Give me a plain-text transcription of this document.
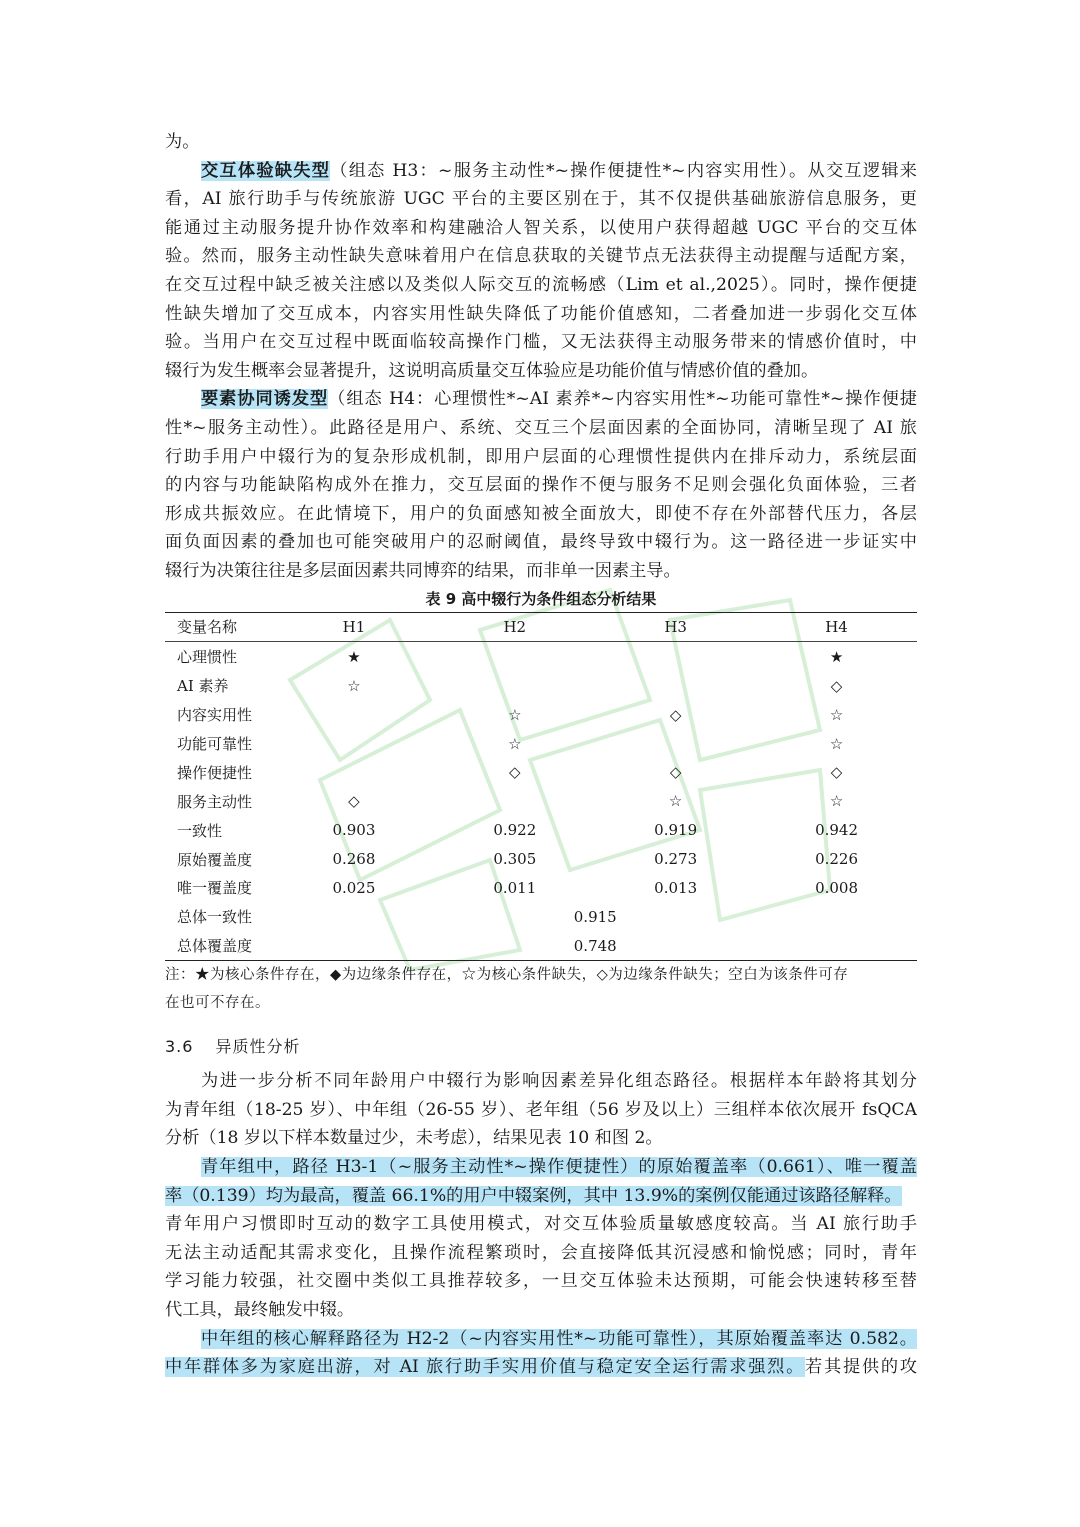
为。
交互体验缺失型（组态 H3：~服务主动性*~操作便捷性*~内容实用性）。从交互逻辑来
看，AI 旅行助手与传统旅游 UGC 平台的主要区别在于，其不仅提供基础旅游信息服务，更
能通过主动服务提升协作效率和构建融洽人智关系，以使用户获得超越 UGC 平台的交互体
验。然而，服务主动性缺失意味着用户在信息获取的关键节点无法获得主动提醒与适配方案，
在交互过程中缺乏被关注感以及类似人际交互的流畅感（Lim et al.,2025）。同时，操作便捷
性缺失增加了交互成本，内容实用性缺失降低了功能价值感知，二者叠加进一步弱化交互体
验。当用户在交互过程中既面临较高操作门槛，又无法获得主动服务带来的情感价值时，中
辍行为发生概率会显著提升，这说明高质量交互体验应是功能价值与情感价值的叠加。
要素协同诱发型（组态 H4：心理惯性*~AI 素养*~内容实用性*~功能可靠性*~操作便捷
性*~服务主动性）。此路径是用户、系统、交互三个层面因素的全面协同，清晰呈现了 AI 旅
行助手用户中辍行为的复杂形成机制，即用户层面的心理惯性提供内在排斥动力，系统层面
的内容与功能缺陷构成外在推力，交互层面的操作不便与服务不足则会强化负面体验，三者
形成共振效应。在此情境下，用户的负面感知被全面放大，即使不存在外部替代压力，各层
面负面因素的叠加也可能突破用户的忍耐阈值，最终导致中辍行为。这一路径进一步证实中
辍行为决策往往是多层面因素共同博弈的结果，而非单一因素主导。
表 9 高中辍行为条件组态分析结果
变量名称	H1	H2	H3	H4
心理惯性	★			★
AI 素养	☆			◇
内容实用性		☆	◇	☆
功能可靠性		☆		☆
操作便捷性		◇	◇	◇
服务主动性	◇		☆	☆
一致性	0.903	0.922	0.919	0.942
原始覆盖度	0.268	0.305	0.273	0.226
唯一覆盖度	0.025	0.011	0.013	0.008
总体一致性	0.915			
总体覆盖度	0.748			
注：★为核心条件存在，◆为边缘条件存在，☆为核心条件缺失，◇为边缘条件缺失；空白为该条件可存
在也可不存在。
3.6 异质性分析
为进一步分析不同年龄用户中辍行为影响因素差异化组态路径。根据样本年龄将其划分
为青年组（18-25 岁）、中年组（26-55 岁）、老年组（56 岁及以上）三组样本依次展开 fsQCA
分析（18 岁以下样本数量过少，未考虑），结果见表 10 和图 2。
青年组中，路径 H3-1（~服务主动性*~操作便捷性）的原始覆盖率（0.661）、唯一覆盖
率（0.139）均为最高，覆盖 66.1%的用户中辍案例，其中 13.9%的案例仅能通过该路径解释。
青年用户习惯即时互动的数字工具使用模式，对交互体验质量敏感度较高。当 AI 旅行助手
无法主动适配其需求变化，且操作流程繁琐时，会直接降低其沉浸感和愉悦感；同时，青年
学习能力较强，社交圈中类似工具推荐较多，一旦交互体验未达预期，可能会快速转移至替
代工具，最终触发中辍。
中年组的核心解释路径为 H2-2（~内容实用性*~功能可靠性），其原始覆盖率达 0.582。
中年群体多为家庭出游，对 AI 旅行助手实用价值与稳定安全运行需求强烈。若其提供的攻
